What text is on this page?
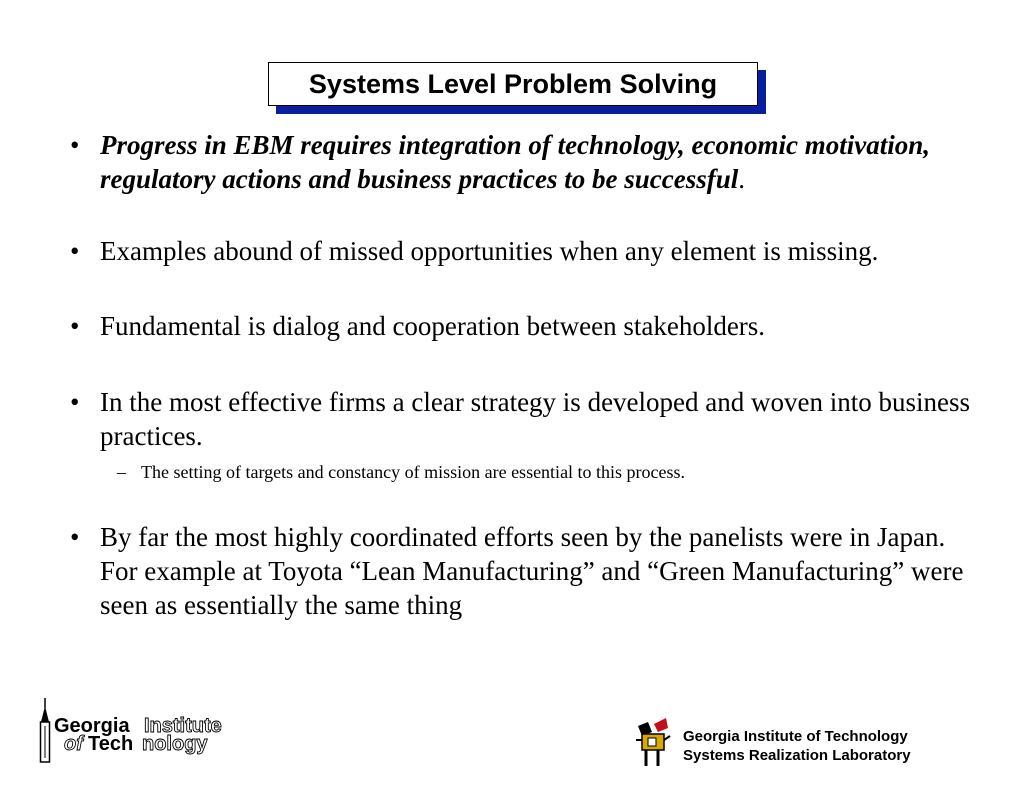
Systems Level Problem Solving
• Progress in EBM requires integration of technology, economic motivation, regulatory actions and business practices to be successful.
• Examples abound of missed opportunities when any element is missing.
• Fundamental is dialog and cooperation between stakeholders.
• In the most effective firms a clear strategy is developed and woven into business practices.
– The setting of targets and constancy of mission are essential to this process.
• By far the most highly coordinated efforts seen by the panelists were in Japan. For example at Toyota “Lean Manufacturing” and “Green Manufacturing” were seen as essentially the same thing
Georgia Institute
of Tech nology	Georgia Institute of Technology
Systems Realization Laboratory
